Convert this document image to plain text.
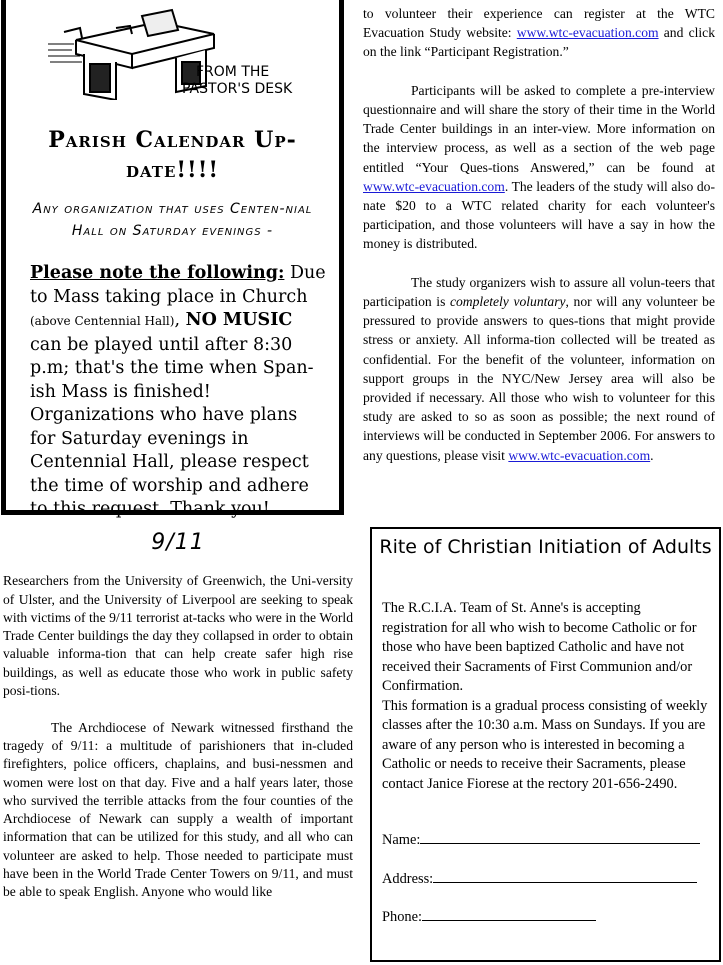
FROM THE
PASTOR'S DESK
Parish Calendar Up-date!!!!
Any organization that uses Centen-nial Hall on Saturday evenings -
Please note the following: Due to Mass taking place in Church (above Centennial Hall), NO MUSIC can be played until after 8:30 p.m; that's the time when Span-ish Mass is finished! Organizations who have plans for Saturday evenings in Centennial Hall, please respect the time of worship and adhere to this request. Thank you!

to volunteer their experience can register at the WTC Evacuation Study website: www.wtc-evacuation.com and click on the link “Participant Registration.”

Participants will be asked to complete a pre-interview questionnaire and will share the story of their time in the World Trade Center buildings in an inter-view. More information on the interview process, as well as a section of the web page entitled “Your Ques-tions Answered,” can be found at www.wtc-evacuation.com. The leaders of the study will also do-nate $20 to a WTC related charity for each volunteer's participation, and those volunteers will have a say in how the money is distributed.

The study organizers wish to assure all volun-teers that participation is completely voluntary, nor will any volunteer be pressured to provide answers to ques-tions that might provide stress or anxiety. All informa-tion collected will be treated as confidential. For the benefit of the volunteer, information on support groups in the NYC/New Jersey area will also be provided if necessary. All those who wish to volunteer for this study are asked to so as soon as possible; the next round of interviews will be conducted in September 2006. For answers to any questions, please visit www.wtc-evacuation.com.

9/11

Researchers from the University of Greenwich, the Uni-versity of Ulster, and the University of Liverpool are seeking to speak with victims of the 9/11 terrorist at-tacks who were in the World Trade Center buildings the day they collapsed in order to obtain valuable informa-tion that can help create safer high rise buildings, as well as educate those who work in public safety posi-tions.

The Archdiocese of Newark witnessed firsthand the tragedy of 9/11: a multitude of parishioners that in-cluded firefighters, police officers, chaplains, and busi-nessmen and women were lost on that day. Five and a half years later, those who survived the terrible attacks from the four counties of the Archdiocese of Newark can supply a wealth of important information that can be utilized for this study, and all who can volunteer are asked to help. Those needed to participate must have been in the World Trade Center Towers on 9/11, and must be able to speak English. Anyone who would like

Rite of Christian Initiation of Adults

The R.C.I.A. Team of St. Anne's is accepting registration for all who wish to become Catholic or for those who have been baptized Catholic and have not received their Sacraments of First Communion and/or Confirmation.

This formation is a gradual process consisting of weekly classes after the 10:30 a.m. Mass on Sundays. If you are aware of any person who is interested in becoming a Catholic or needs to receive their Sacraments, please contact Janice Fiorese at the rectory 201-656-2490.

Name:
Address:
Phone:
